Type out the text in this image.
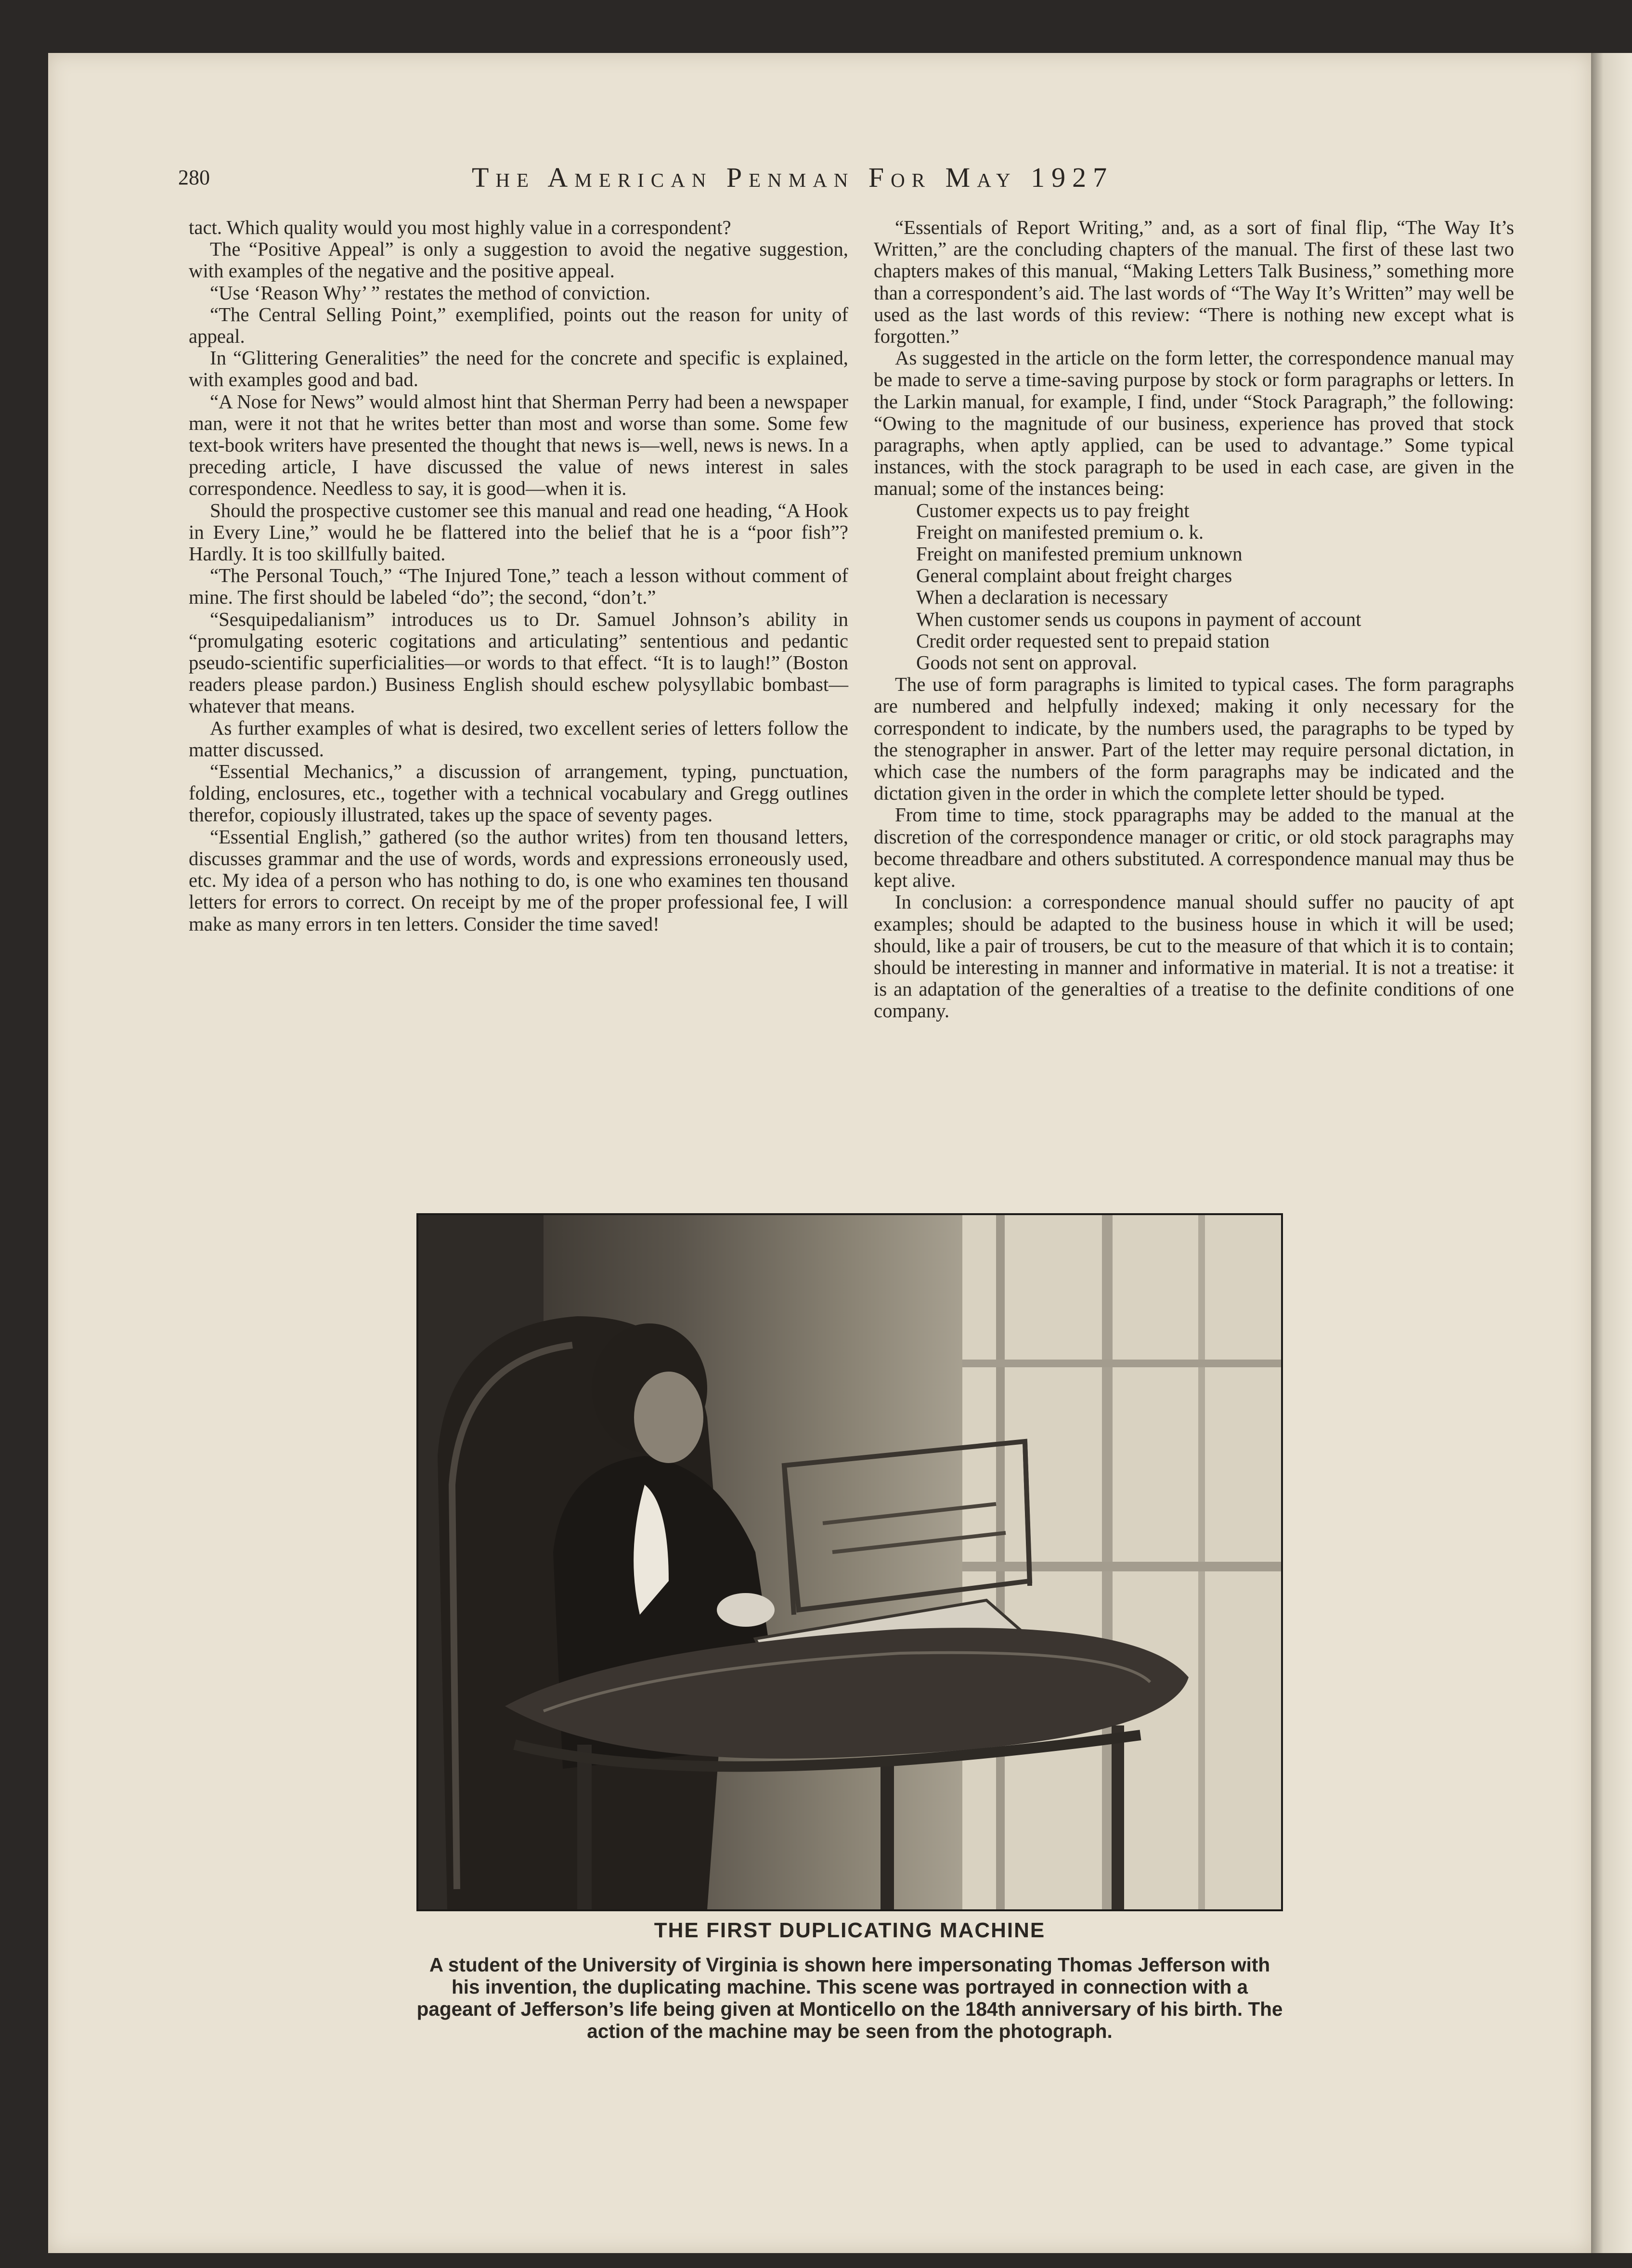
280	The American Penman For May 1927

tact. Which quality would you most highly value in a correspondent?

The “Positive Appeal” is only a suggestion to avoid the negative suggestion, with examples of the negative and the positive appeal.

“Use ‘Reason Why’ ” restates the method of conviction.

“The Central Selling Point,” exemplified, points out the reason for unity of appeal.

In “Glittering Generalities” the need for the concrete and specific is explained, with examples good and bad.

“A Nose for News” would almost hint that Sherman Perry had been a newspaper man, were it not that he writes better than most and worse than some. Some few text-book writers have presented the thought that news is—well, news is news. In a preceding article, I have discussed the value of news interest in sales correspondence. Needless to say, it is good—when it is.

Should the prospective customer see this manual and read one heading, “A Hook in Every Line,” would he be flattered into the belief that he is a “poor fish”? Hardly. It is too skillfully baited.

“The Personal Touch,” “The Injured Tone,” teach a lesson without comment of mine. The first should be labeled “do”; the second, “don’t.”

“Sesquipedalianism” introduces us to Dr. Samuel Johnson’s ability in “promulgating esoteric cogitations and articulating” sententious and pedantic pseudo-scientific superficialities—or words to that effect. “It is to laugh!” (Boston readers please pardon.) Business English should eschew polysyllabic bombast—whatever that means.

As further examples of what is desired, two excellent series of letters follow the matter discussed.

“Essential Mechanics,” a discussion of arrangement, typing, punctuation, folding, enclosures, etc., together with a technical vocabulary and Gregg outlines therefor, copiously illustrated, takes up the space of seventy pages.

“Essential English,” gathered (so the author writes) from ten thousand letters, discusses grammar and the use of words, words and expressions erroneously used, etc. My idea of a person who has nothing to do, is one who examines ten thousand letters for errors to correct. On receipt by me of the proper professional fee, I will make as many errors in ten letters. Consider the time saved!

“Essentials of Report Writing,” and, as a sort of final flip, “The Way It’s Written,” are the concluding chapters of the manual. The first of these last two chapters makes of this manual, “Making Letters Talk Business,” something more than a correspondent’s aid. The last words of “The Way It’s Written” may well be used as the last words of this review: “There is nothing new except what is forgotten.”

As suggested in the article on the form letter, the correspondence manual may be made to serve a time-saving purpose by stock or form paragraphs or letters. In the Larkin manual, for example, I find, under “Stock Paragraph,” the following: “Owing to the magnitude of our business, experience has proved that stock paragraphs, when aptly applied, can be used to advantage.” Some typical instances, with the stock paragraph to be used in each case, are given in the manual; some of the instances being:

Customer expects us to pay freight

Freight on manifested premium o. k.

Freight on manifested premium unknown

General complaint about freight charges

When a declaration is necessary

When customer sends us coupons in payment of account

Credit order requested sent to prepaid station

Goods not sent on approval.

The use of form paragraphs is limited to typical cases. The form paragraphs are numbered and helpfully indexed; making it only necessary for the correspondent to indicate, by the numbers used, the paragraphs to be typed by the stenographer in answer. Part of the letter may require personal dictation, in which case the numbers of the form paragraphs may be indicated and the dictation given in the order in which the complete letter should be typed.

From time to time, stock pparagraphs may be added to the manual at the discretion of the correspondence manager or critic, or old stock paragraphs may become threadbare and others substituted. A correspondence manual may thus be kept alive.

In conclusion: a correspondence manual should suffer no paucity of apt examples; should be adapted to the business house in which it will be used; should, like a pair of trousers, be cut to the measure of that which it is to contain; should be interesting in manner and informative in material. It is not a treatise: it is an adaptation of the generalties of a treatise to the definite conditions of one company.

THE FIRST DUPLICATING MACHINE
A student of the University of Virginia is shown here impersonating Thomas Jefferson with his invention, the duplicating machine. This scene was portrayed in connection with a pageant of Jefferson’s life being given at Monticello on the 184th anniversary of his birth. The action of the machine may be seen from the photograph.
